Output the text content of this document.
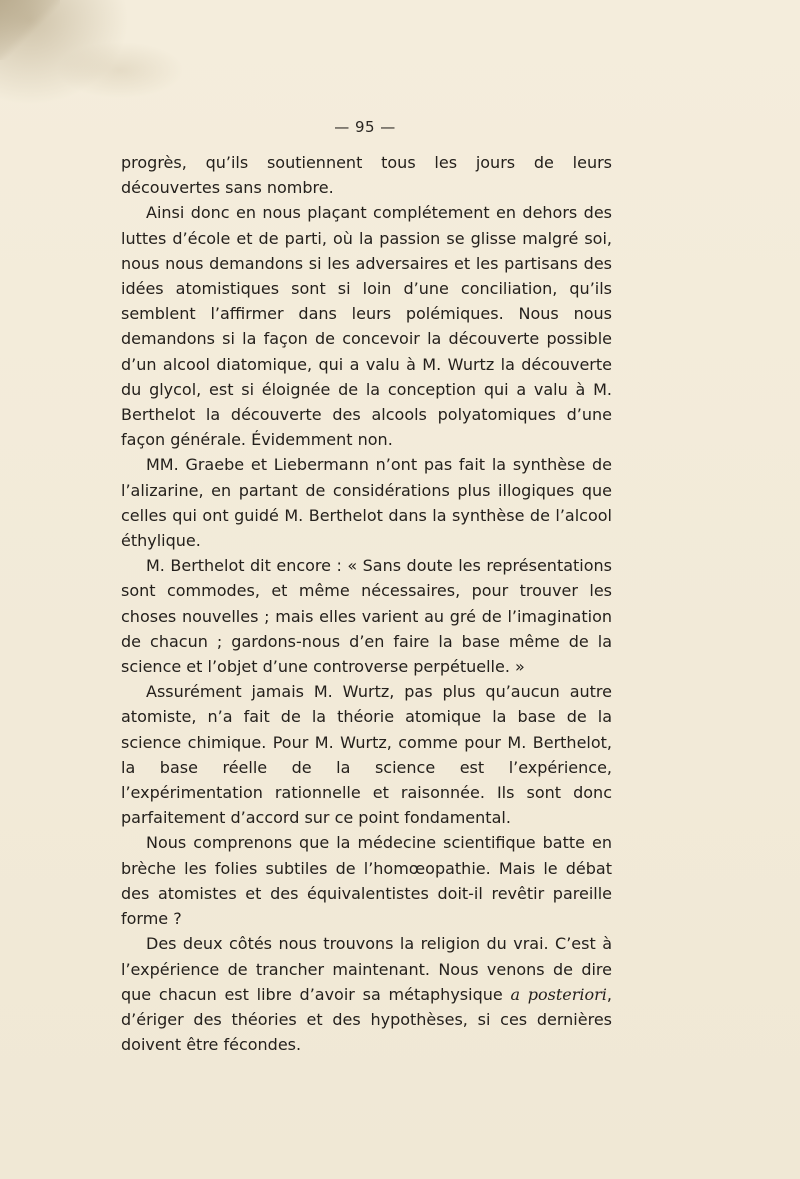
— 95 —

progrès, qu’ils soutiennent tous les jours de leurs découvertes sans nombre.

Ainsi donc en nous plaçant complétement en dehors des luttes d’école et de parti, où la passion se glisse malgré soi, nous nous demandons si les adversaires et les partisans des idées atomistiques sont si loin d’une conciliation, qu’ils semblent l’affirmer dans leurs polémiques. Nous nous demandons si la façon de concevoir la découverte possible d’un alcool diatomique, qui a valu à M. Wurtz la découverte du glycol, est si éloignée de la conception qui a valu à M. Berthelot la découverte des alcools polyatomiques d’une façon générale. Évidemment non.

MM. Graebe et Liebermann n’ont pas fait la synthèse de l’alizarine, en partant de considérations plus illogiques que celles qui ont guidé M. Berthelot dans la synthèse de l’alcool éthylique.

M. Berthelot dit encore : « Sans doute les représentations sont commodes, et même nécessaires, pour trouver les choses nouvelles ; mais elles varient au gré de l’imagination de chacun ; gardons-nous d’en faire la base même de la science et l’objet d’une controverse perpétuelle. »

Assurément jamais M. Wurtz, pas plus qu’aucun autre atomiste, n’a fait de la théorie atomique la base de la science chimique. Pour M. Wurtz, comme pour M. Berthelot, la base réelle de la science est l’expérience, l’expérimentation rationnelle et raisonnée. Ils sont donc parfaitement d’accord sur ce point fondamental.

Nous comprenons que la médecine scientifique batte en brèche les folies subtiles de l’homœopathie. Mais le débat des atomistes et des équivalentistes doit-il revêtir pareille forme ?

Des deux côtés nous trouvons la religion du vrai. C’est à l’expérience de trancher maintenant. Nous venons de dire que chacun est libre d’avoir sa métaphysique a posteriori, d’ériger des théories et des hypothèses, si ces dernières doivent être fécondes.
